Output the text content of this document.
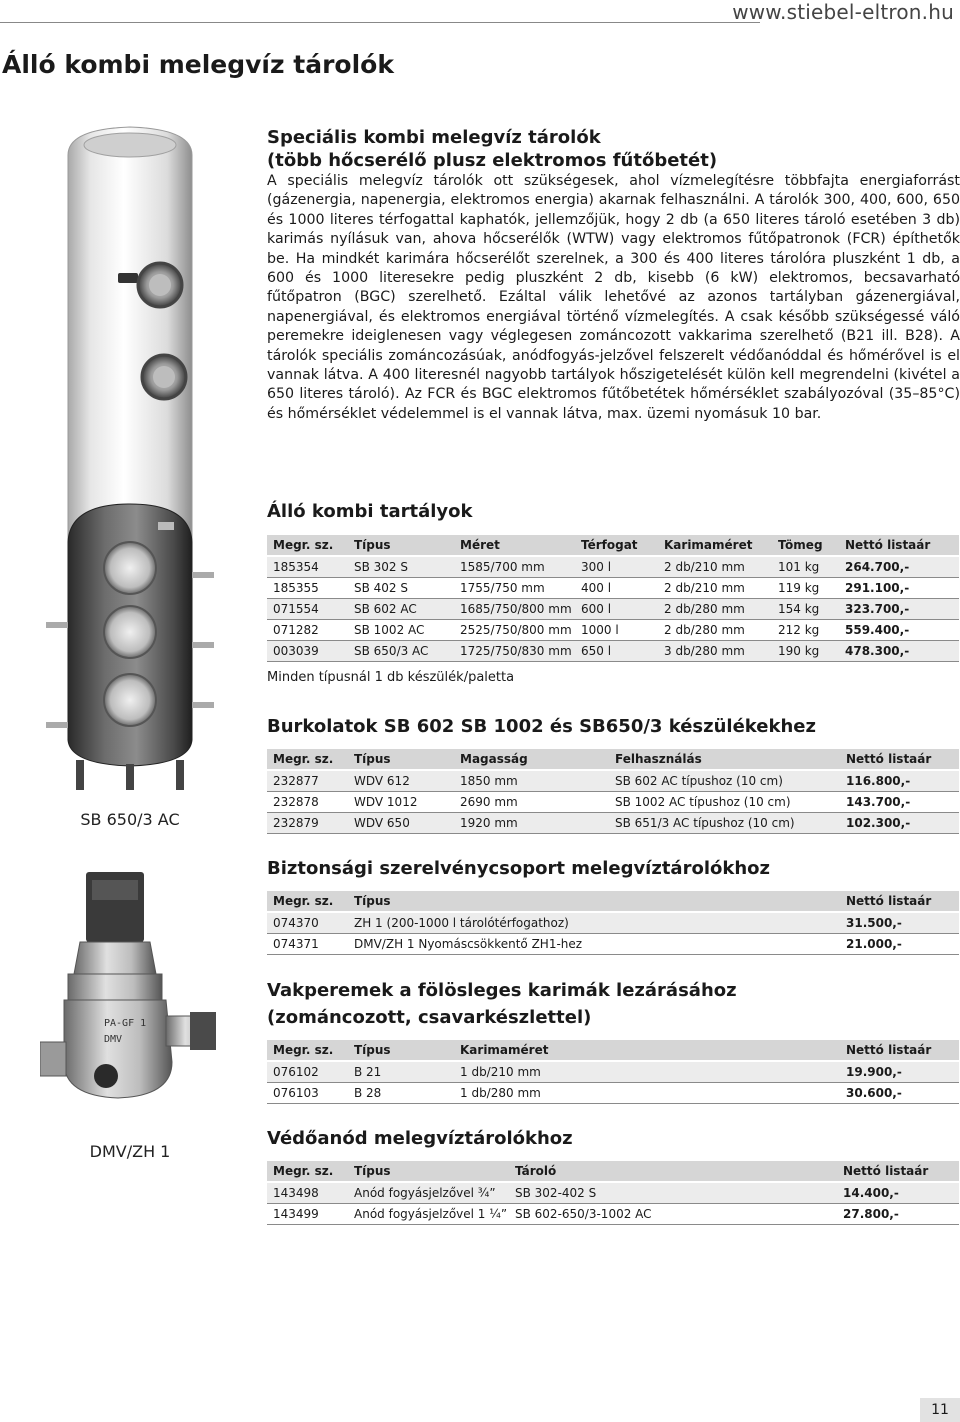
www.stiebel-eltron.hu
Álló kombi melegvíz tárolók
SB 650/3 AC
PA-GF 1
DMV
DMV/ZH 1
Speciális kombi melegvíz tárolók
(több hőcserélő plusz elektromos fűtőbetét)

A speciális melegvíz tárolók ott szükségesek, ahol vízmelegítésre többfajta energiaforrást (gázenergia, napenergia, elektromos energia) akarnak felhasználni. A tárolók 300, 400, 600, 650 és 1000 literes térfogattal kaphatók, jellemzőjük, hogy 2 db (a 650 literes tároló esetében 3 db) karimás nyílásuk van, ahova hőcserélők (WTW) vagy elektromos fűtőpatronok (FCR) építhetők be. Ha mindkét karimára hőcserélőt szerelnek, a 300 és 400 literes tárolóra pluszként 1 db, a 600 és 1000 literesekre pedig pluszként 2 db, kisebb (6 kW) elektromos, becsavarható fűtőpatron (BGC) szerelhető. Ezáltal válik lehetővé az azonos tartályban gázenergiával, napenergiával, és elektromos energiával történő vízmelegítés. A csak később szükségessé váló peremekre ideiglenesen vagy véglegesen zománcozott vakkarima szerelhető (B21 ill. B28). A tárolók speciális zománcozásúak, anódfogyás-jelzővel felszerelt védőanóddal és hőmérővel is el vannak látva. A 400 literesnél nagyobb tartályok hőszigetelését külön kell megrendelni (kivétel a 650 literes tároló). Az FCR és BGC elektromos fűtőbetétek hőmérséklet szabályozóval (35–85°C) és hőmérséklet védelemmel is el vannak látva, max. üzemi nyomásuk 10 bar.

Álló kombi tartályok
Megr. sz.	Típus	Méret	Térfogat	Karimaméret	Tömeg	Nettó listaár
185354	SB 302 S	1585/700 mm	300 l	2 db/210 mm	101 kg	264.700,-
185355	SB 402 S	1755/750 mm	400 l	2 db/210 mm	119 kg	291.100,-
071554	SB 602 AC	1685/750/800 mm	600 l	2 db/280 mm	154 kg	323.700,-
071282	SB 1002 AC	2525/750/800 mm	1000 l	2 db/280 mm	212 kg	559.400,-
003039	SB 650/3 AC	1725/750/830 mm	650 l	3 db/280 mm	190 kg	478.300,-
Minden típusnál 1 db készülék/paletta
Burkolatok SB 602 SB 1002 és SB650/3 készülékekhez
Megr. sz.	Típus	Magasság	Felhasználás	Nettó listaár
232877	WDV 612	1850 mm	SB 602 AC típushoz (10 cm)	116.800,-
232878	WDV 1012	2690 mm	SB 1002 AC típushoz (10 cm)	143.700,-
232879	WDV 650	1920 mm	SB 651/3 AC típushoz (10 cm)	102.300,-
Biztonsági szerelvénycsoport melegvíztárolókhoz
Megr. sz.	Típus	Nettó listaár
074370	ZH 1 (200-1000 l tárolótérfogathoz)	31.500,-
074371	DMV/ZH 1 Nyomáscsökkentő ZH1-hez	21.000,-
Vakperemek a fölösleges karimák lezárásához
(zománcozott, csavarkészlettel)
Megr. sz.	Típus	Karimaméret	Nettó listaár
076102	B 21	1 db/210 mm	19.900,-
076103	B 28	1 db/280 mm	30.600,-
Védőanód melegvíztárolókhoz
Megr. sz.	Típus	Tároló	Nettó listaár
143498	Anód fogyásjelzővel ¾”	SB 302-402 S	14.400,-
143499	Anód fogyásjelzővel 1 ¼”	SB 602-650/3-1002 AC	27.800,-
11
